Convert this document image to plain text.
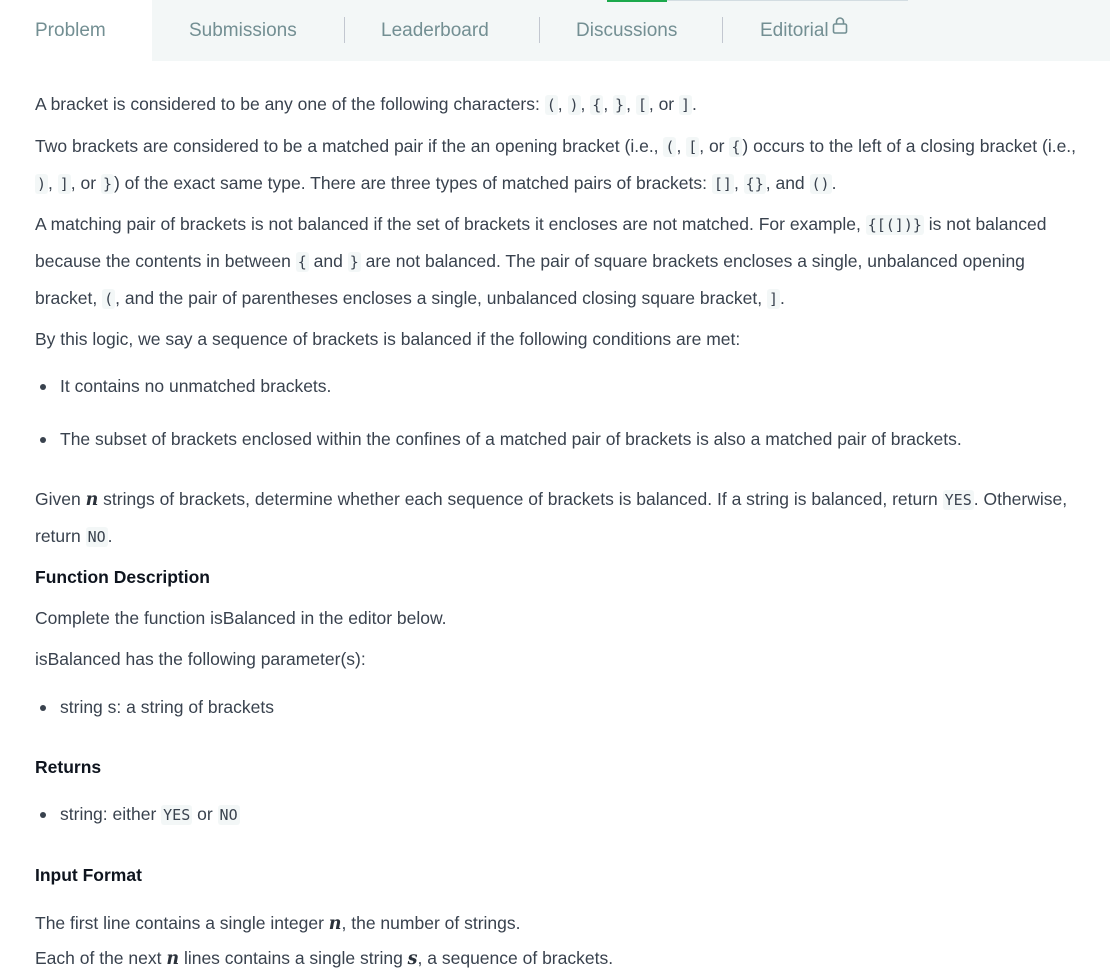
Problem	Submissions	Leaderboard	Discussions	Editorial

A bracket is considered to be any one of the following characters: ( , ) , { , } , [ , or ] .

Two brackets are considered to be a matched pair if the an opening bracket (i.e., ( , [ , or { ) occurs to the left of a closing bracket (i.e., ) , ] , or } ) of the exact same type. There are three types of matched pairs of brackets: [] , {} , and () .

A matching pair of brackets is not balanced if the set of brackets it encloses are not matched. For example, {[(])} is not balanced because the contents in between { and } are not balanced. The pair of square brackets encloses a single, unbalanced opening bracket, ( , and the pair of parentheses encloses a single, unbalanced closing square bracket, ] .

By this logic, we say a sequence of brackets is balanced if the following conditions are met:

It contains no unmatched brackets.
The subset of brackets enclosed within the confines of a matched pair of brackets is also a matched pair of brackets.

Given n strings of brackets, determine whether each sequence of brackets is balanced. If a string is balanced, return YES . Otherwise, return NO .

Function Description

Complete the function isBalanced in the editor below.

isBalanced has the following parameter(s):

string s: a string of brackets
Returns
string: either YES or NO
Input Format

The first line contains a single integer n, the number of strings.

Each of the next n lines contains a single string s, a sequence of brackets.
